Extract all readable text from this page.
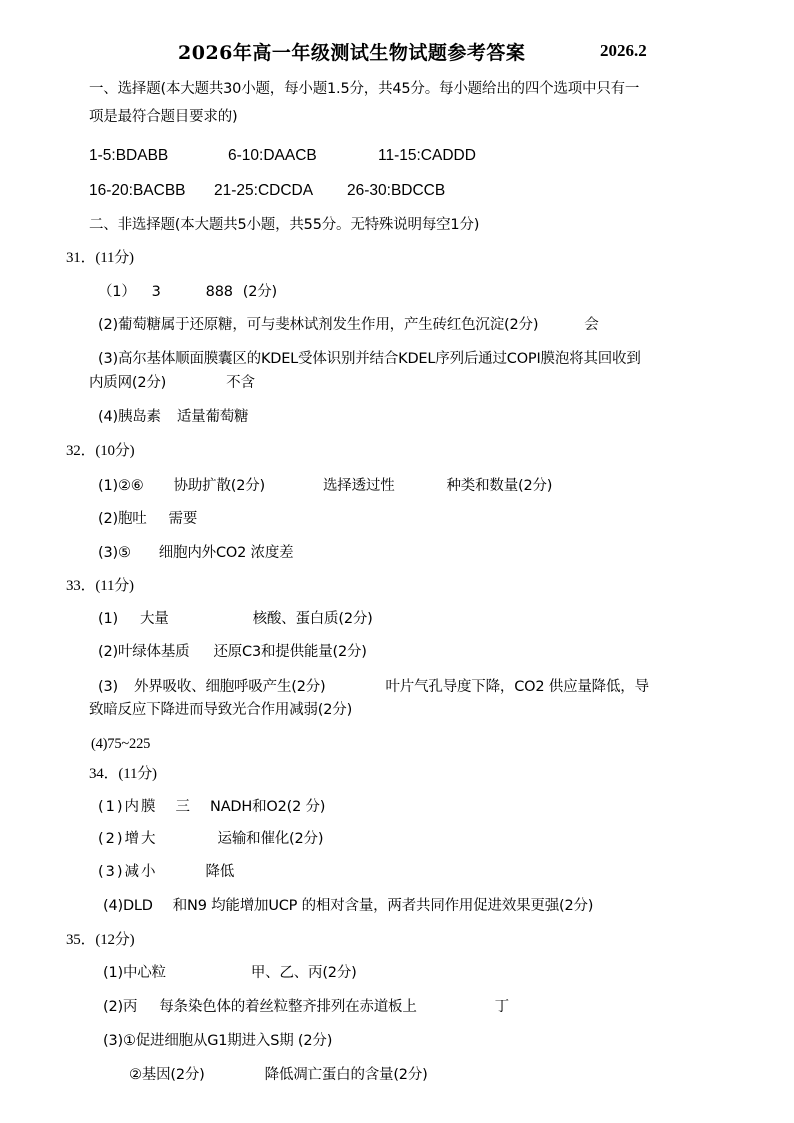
2026年高一年级测试生物试题参考答案	2026.2
一、选择题(本大题共30小题，每小题1.5分，共45分。每小题给出的四个选项中只有一
项是最符合题目要求的)
1-5:BDABB	6-10:DAACB	11-15:CADDD
16-20:BACBB 21-25:CDCDA 26-30:BDCCB
二、非选择题(本大题共5小题，共55分。无特殊说明每空1分)
31．(11分)
（1） 3	888 (2分)
(2)葡萄糖属于还原糖，可与斐林试剂发生作用，产生砖红色沉淀(2分)	会
(3)高尔基体顺面膜囊区的KDEL受体识别并结合KDEL序列后通过COPI膜泡将其回收到
内质网(2分)	不含
(4)胰岛素 适量葡萄糖
32．(10分)
(1)②⑥ 协助扩散(2分)	选择透过性	种类和数量(2分)
(2)胞吐 需要
(3)⑤ 细胞内外CO2 浓度差
33．(11分)
(1) 大量	核酸、蛋白质(2分)
(2)叶绿体基质 还原C3和提供能量(2分)
(3) 外界吸收、细胞呼吸产生(2分)	叶片气孔导度下降，CO2 供应量降低，导
致暗反应下降进而导致光合作用减弱(2分)
(4)75~225
34．(11分)
(1)内膜 三 NADH和O2(2 分)
(2)增大	运输和催化(2分)
(3)减小	降低
(4)DLD 和N9 均能增加UCP 的相对含量，两者共同作用促进效果更强(2分)
35．(12分)
(1)中心粒	甲、乙、丙(2分)
(2)丙 每条染色体的着丝粒整齐排列在赤道板上	丁
(3)①促进细胞从G1期进入S期 (2分)
②基因(2分)	降低凋亡蛋白的含量(2分)
